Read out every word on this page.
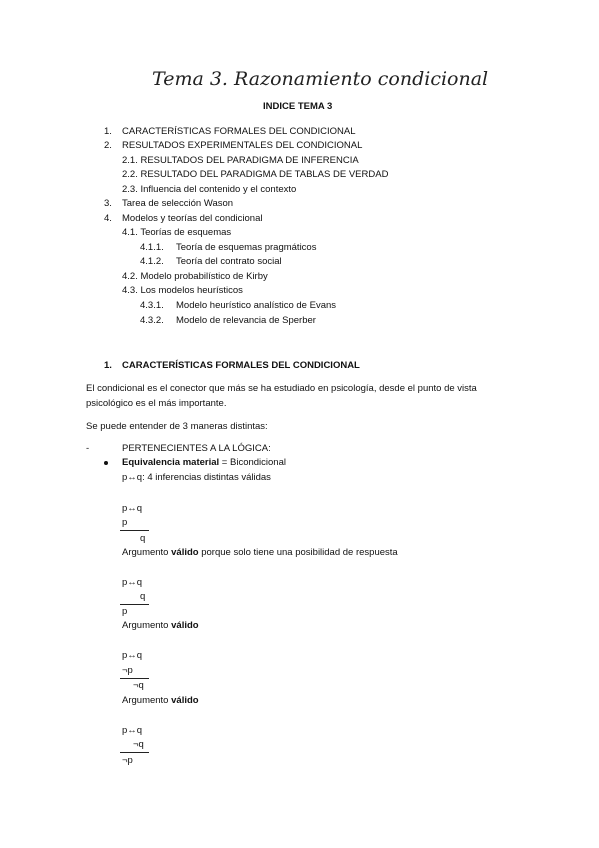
Tema 3. Razonamiento condicional
INDICE TEMA 3
1. CARACTERÍSTICAS FORMALES DEL CONDICIONAL
2. RESULTADOS EXPERIMENTALES DEL CONDICIONAL
2.1. RESULTADOS DEL PARADIGMA DE INFERENCIA
2.2. RESULTADO DEL PARADIGMA DE TABLAS DE VERDAD
2.3. Influencia del contenido y el contexto
3. Tarea de selección Wason
4. Modelos y teorías del condicional
4.1. Teorías de esquemas
4.1.1. Teoría de esquemas pragmáticos
4.1.2. Teoría del contrato social
4.2. Modelo probabilístico de Kirby
4.3. Los modelos heurísticos
4.3.1. Modelo heurístico analístico de Evans
4.3.2. Modelo de relevancia de Sperber
1. CARACTERÍSTICAS FORMALES DEL CONDICIONAL
El condicional es el conector que más se ha estudiado en psicología, desde el punto de vista
psicológico es el más importante.
Se puede entender de 3 maneras distintas:
-	PERTENECIENTES A LA LÓGICA:
Equivalencia material = Bicondicional
p↔q: 4 inferencias distintas válidas
p↔q
p
q
Argumento válido porque solo tiene una posibilidad de respuesta
p↔q
q
p
Argumento válido
p↔q
¬p
¬q
Argumento válido
p↔q
¬q
¬p
